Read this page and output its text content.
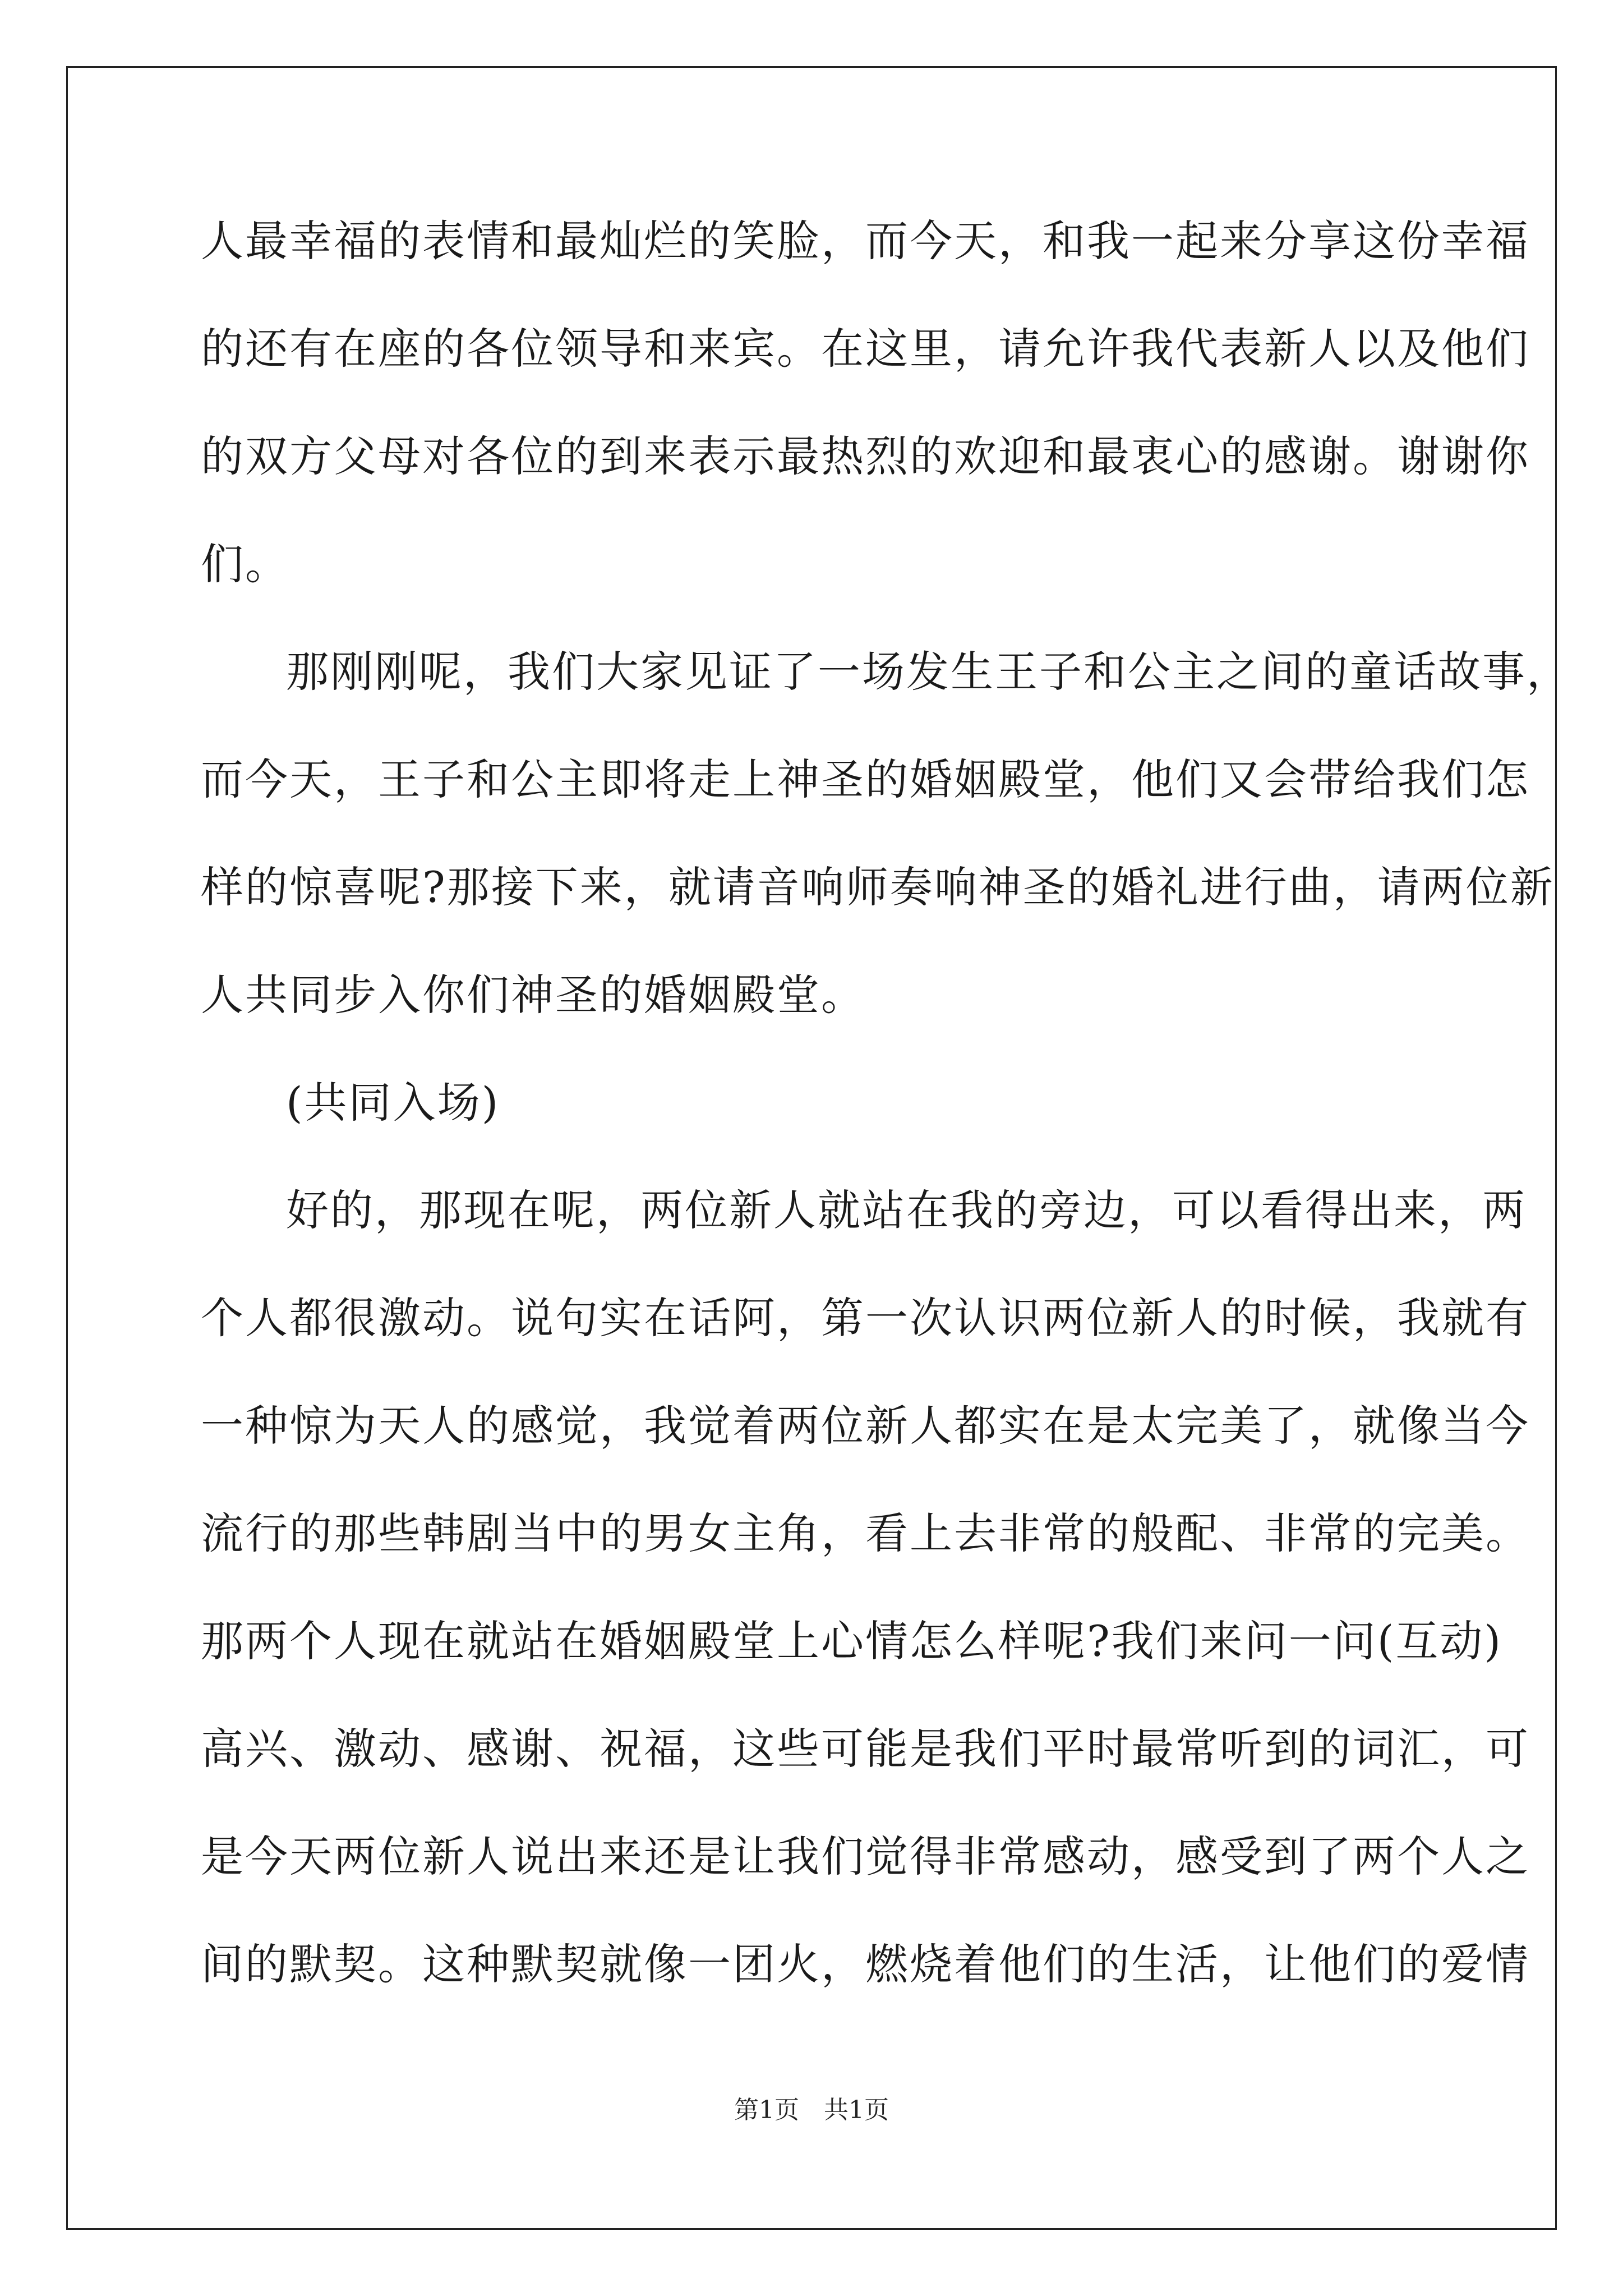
人最幸福的表情和最灿烂的笑脸，而今天，和我一起来分享这份幸福
的还有在座的各位领导和来宾。在这里，请允许我代表新人以及他们
的双方父母对各位的到来表示最热烈的欢迎和最衷心的感谢。谢谢你
们。
那刚刚呢，我们大家见证了一场发生王子和公主之间的童话故事，
而今天，王子和公主即将走上神圣的婚姻殿堂，他们又会带给我们怎
样的惊喜呢?那接下来，就请音响师奏响神圣的婚礼进行曲，请两位新
人共同步入你们神圣的婚姻殿堂。
(共同入场)
好的，那现在呢，两位新人就站在我的旁边，可以看得出来，两
个人都很激动。说句实在话阿，第一次认识两位新人的时候，我就有
一种惊为天人的感觉，我觉着两位新人都实在是太完美了，就像当今
流行的那些韩剧当中的男女主角，看上去非常的般配、非常的完美。
那两个人现在就站在婚姻殿堂上心情怎么样呢?我们来问一问(互动)
高兴、激动、感谢、祝福，这些可能是我们平时最常听到的词汇，可
是今天两位新人说出来还是让我们觉得非常感动，感受到了两个人之
间的默契。这种默契就像一团火，燃烧着他们的生活，让他们的爱情
第1页　共1页
